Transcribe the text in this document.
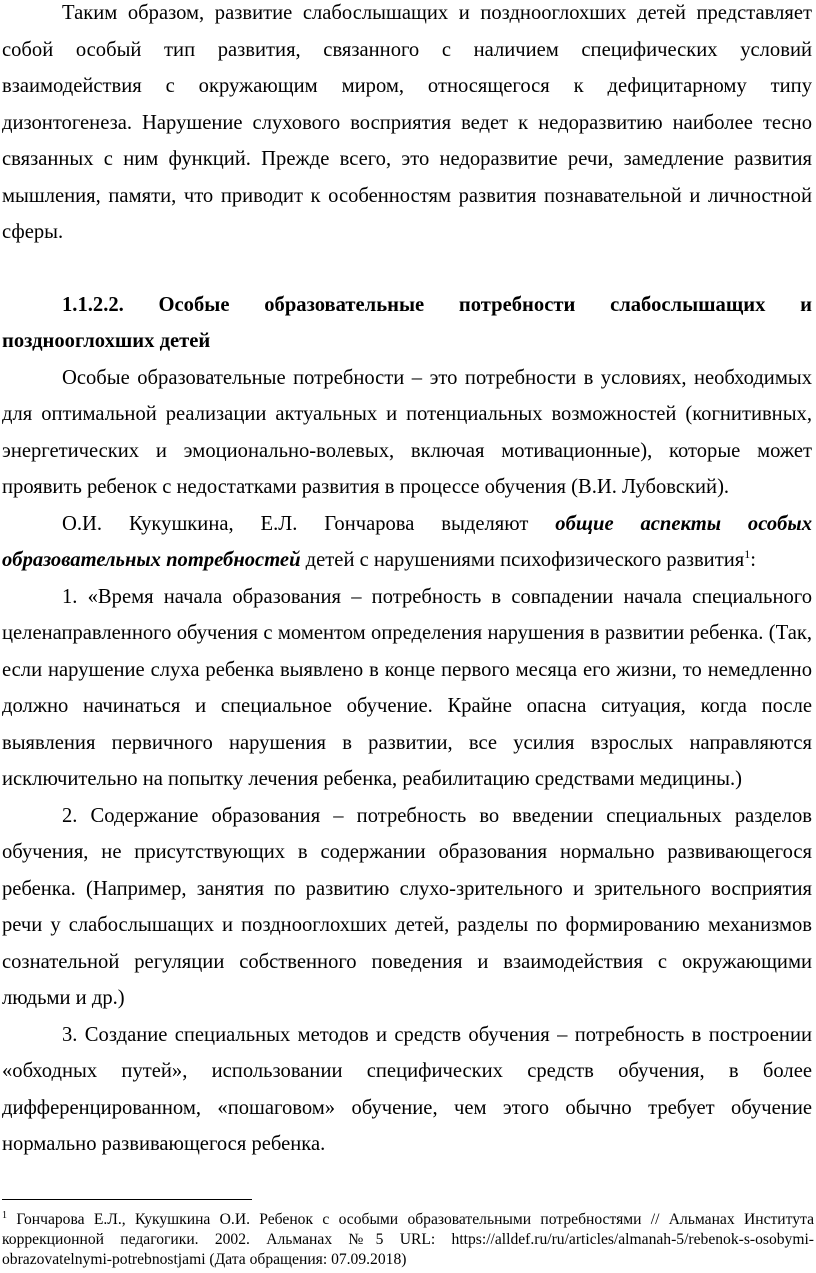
Таким образом, развитие слабослышащих и позднооглохших детей представляет собой особый тип развития, связанного с наличием специфических условий взаимодействия с окружающим миром, относящегося к дефицитарному типу дизонтогенеза. Нарушение слухового восприятия ведет к недоразвитию наиболее тесно связанных с ним функций. Прежде всего, это недоразвитие речи, замедление развития мышления, памяти, что приводит к особенностям развития познавательной и личностной сферы.

1.1.2.2. Особые образовательные потребности слабослышащих и позднооглохших детей

Особые образовательные потребности – это потребности в условиях, необходимых для оптимальной реализации актуальных и потенциальных возможностей (когнитивных, энергетических и эмоционально-волевых, включая мотивационные), которые может проявить ребенок с недостатками развития в процессе обучения (В.И. Лубовский).

О.И. Кукушкина, Е.Л. Гончарова выделяют общие аспекты особых образовательных потребностей детей с нарушениями психофизического развития$^1$:

1. «Время начала образования – потребность в совпадении начала специального целенаправленного обучения с моментом определения нарушения в развитии ребенка. (Так, если нарушение слуха ребенка выявлено в конце первого месяца его жизни, то немедленно должно начинаться и специальное обучение. Крайне опасна ситуация, когда после выявления первичного нарушения в развитии, все усилия взрослых направляются исключительно на попытку лечения ребенка, реабилитацию средствами медицины.)

2. Содержание образования – потребность во введении специальных разделов обучения, не присутствующих в содержании образования нормально развивающегося ребенка. (Например, занятия по развитию слухо-зрительного и зрительного восприятия речи у слабослышащих и позднооглохших детей, разделы по формированию механизмов сознательной регуляции собственного поведения и взаимодействия с окружающими людьми и др.)

3. Создание специальных методов и средств обучения – потребность в построении «обходных путей», использовании специфических средств обучения, в более дифференцированном, «пошаговом» обучение, чем этого обычно требует обучение нормально развивающегося ребенка.

$^1$ Гончарова Е.Л., Кукушкина О.И. Ребенок с особыми образовательными потребностями // Альманах Института коррекционной педагогики. 2002. Альманах №5 URL: https://alldef.ru/ru/articles/almanah-5/rebenok-s-osobymi-obrazovatelnymi-potrebnostjami (Дата обращения: 07.09.2018)
